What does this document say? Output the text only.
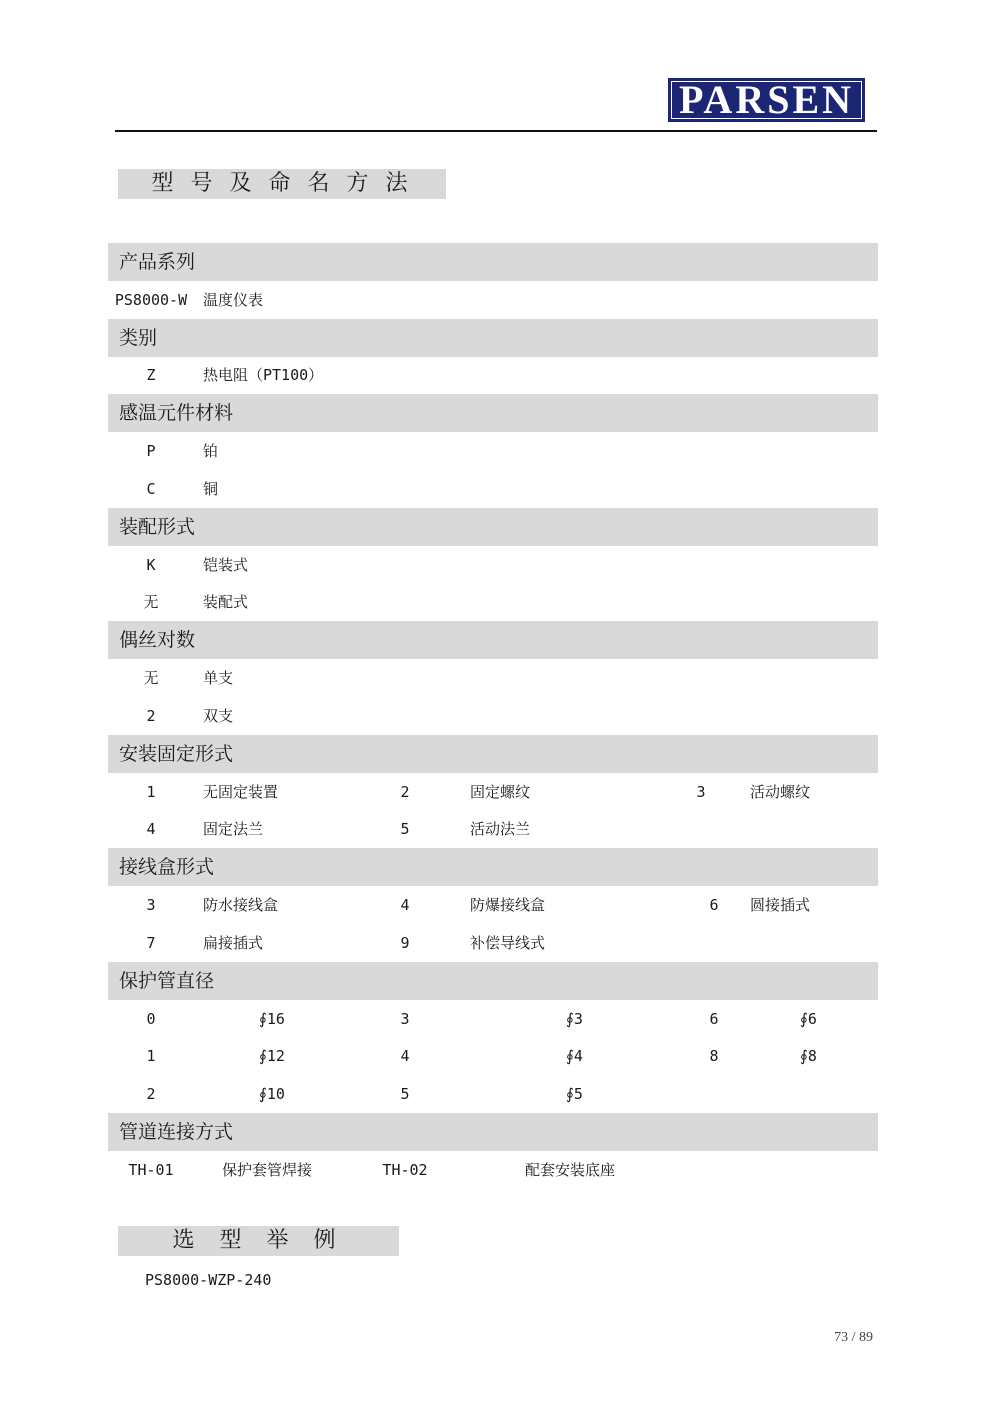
PARSEN
型 号 及 命 名 方 法
产品系列
PS8000-W 温度仪表
类别
Z	热电阻（PT100）
感温元件材料
P	铂
C	铜
装配形式
K	铠装式
无	装配式
偶丝对数
无	单支
2	双支
安装固定形式
1	无固定装置	2	固定螺纹	3	活动螺纹
4	固定法兰	5	活动法兰
接线盒形式
3	防水接线盒	4	防爆接线盒	6	圆接插式
7	扁接插式	9	补偿导线式
保护管直径
0	∮16	3	∮3	6	∮6
1	∮12	4	∮4	8	∮8
2	∮10	5	∮5
管道连接方式
TH-01	保护套管焊接	TH-02	配套安装底座
选 型 举 例
PS8000-WZP-240
73 / 89
